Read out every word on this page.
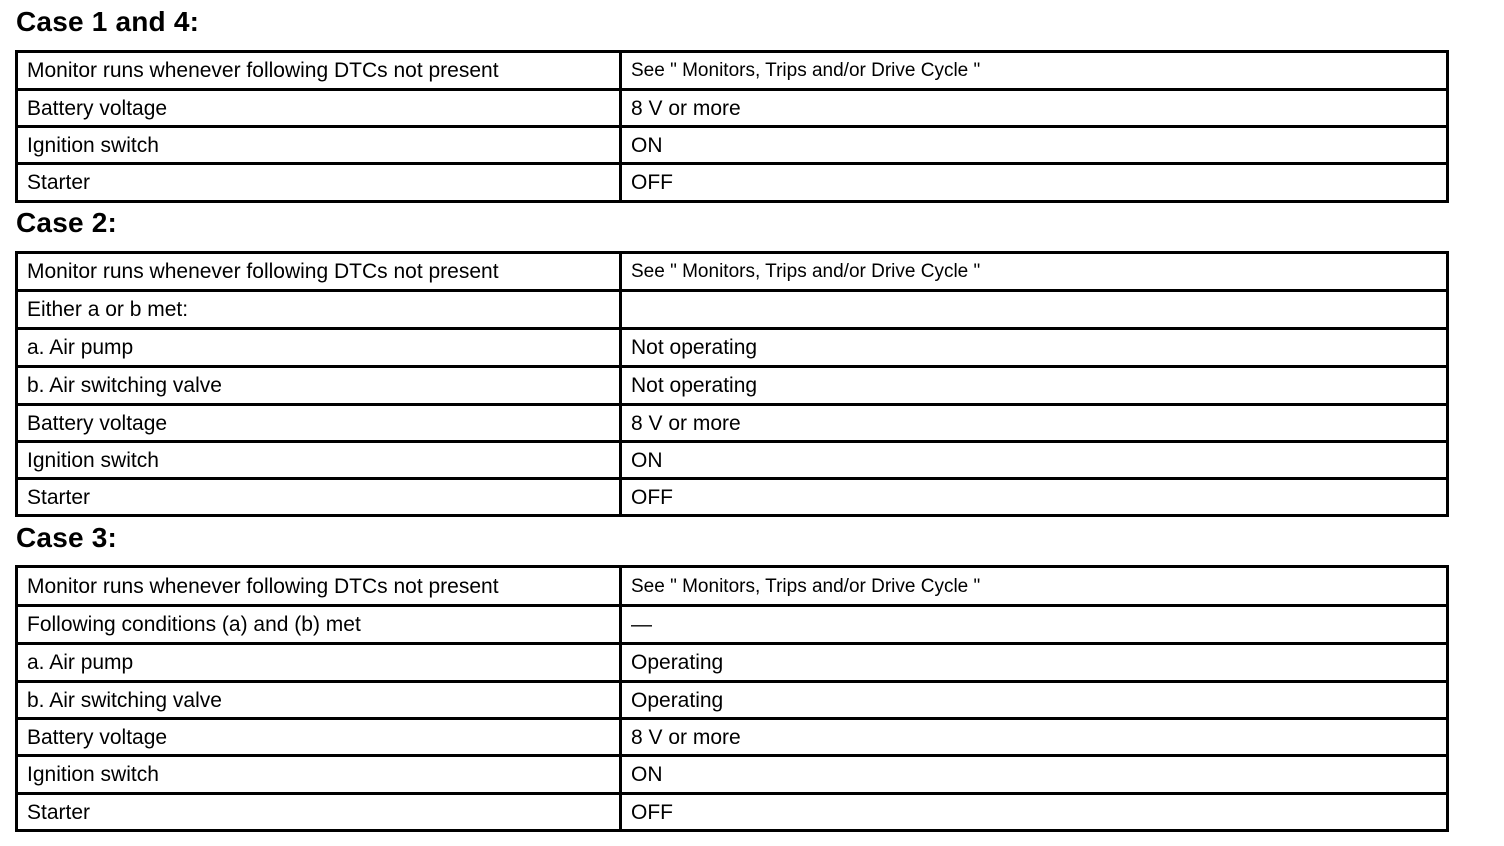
Case 1 and 4:
Monitor runs whenever following DTCs not present	See " Monitors, Trips and/or Drive Cycle "
Battery voltage	8 V or more
Ignition switch	ON
Starter	OFF
Case 2:
Monitor runs whenever following DTCs not present	See " Monitors, Trips and/or Drive Cycle "
Either a or b met:	
a. Air pump	Not operating
b. Air switching valve	Not operating
Battery voltage	8 V or more
Ignition switch	ON
Starter	OFF
Case 3:
Monitor runs whenever following DTCs not present	See " Monitors, Trips and/or Drive Cycle "
Following conditions (a) and (b) met	—
a. Air pump	Operating
b. Air switching valve	Operating
Battery voltage	8 V or more
Ignition switch	ON
Starter	OFF
